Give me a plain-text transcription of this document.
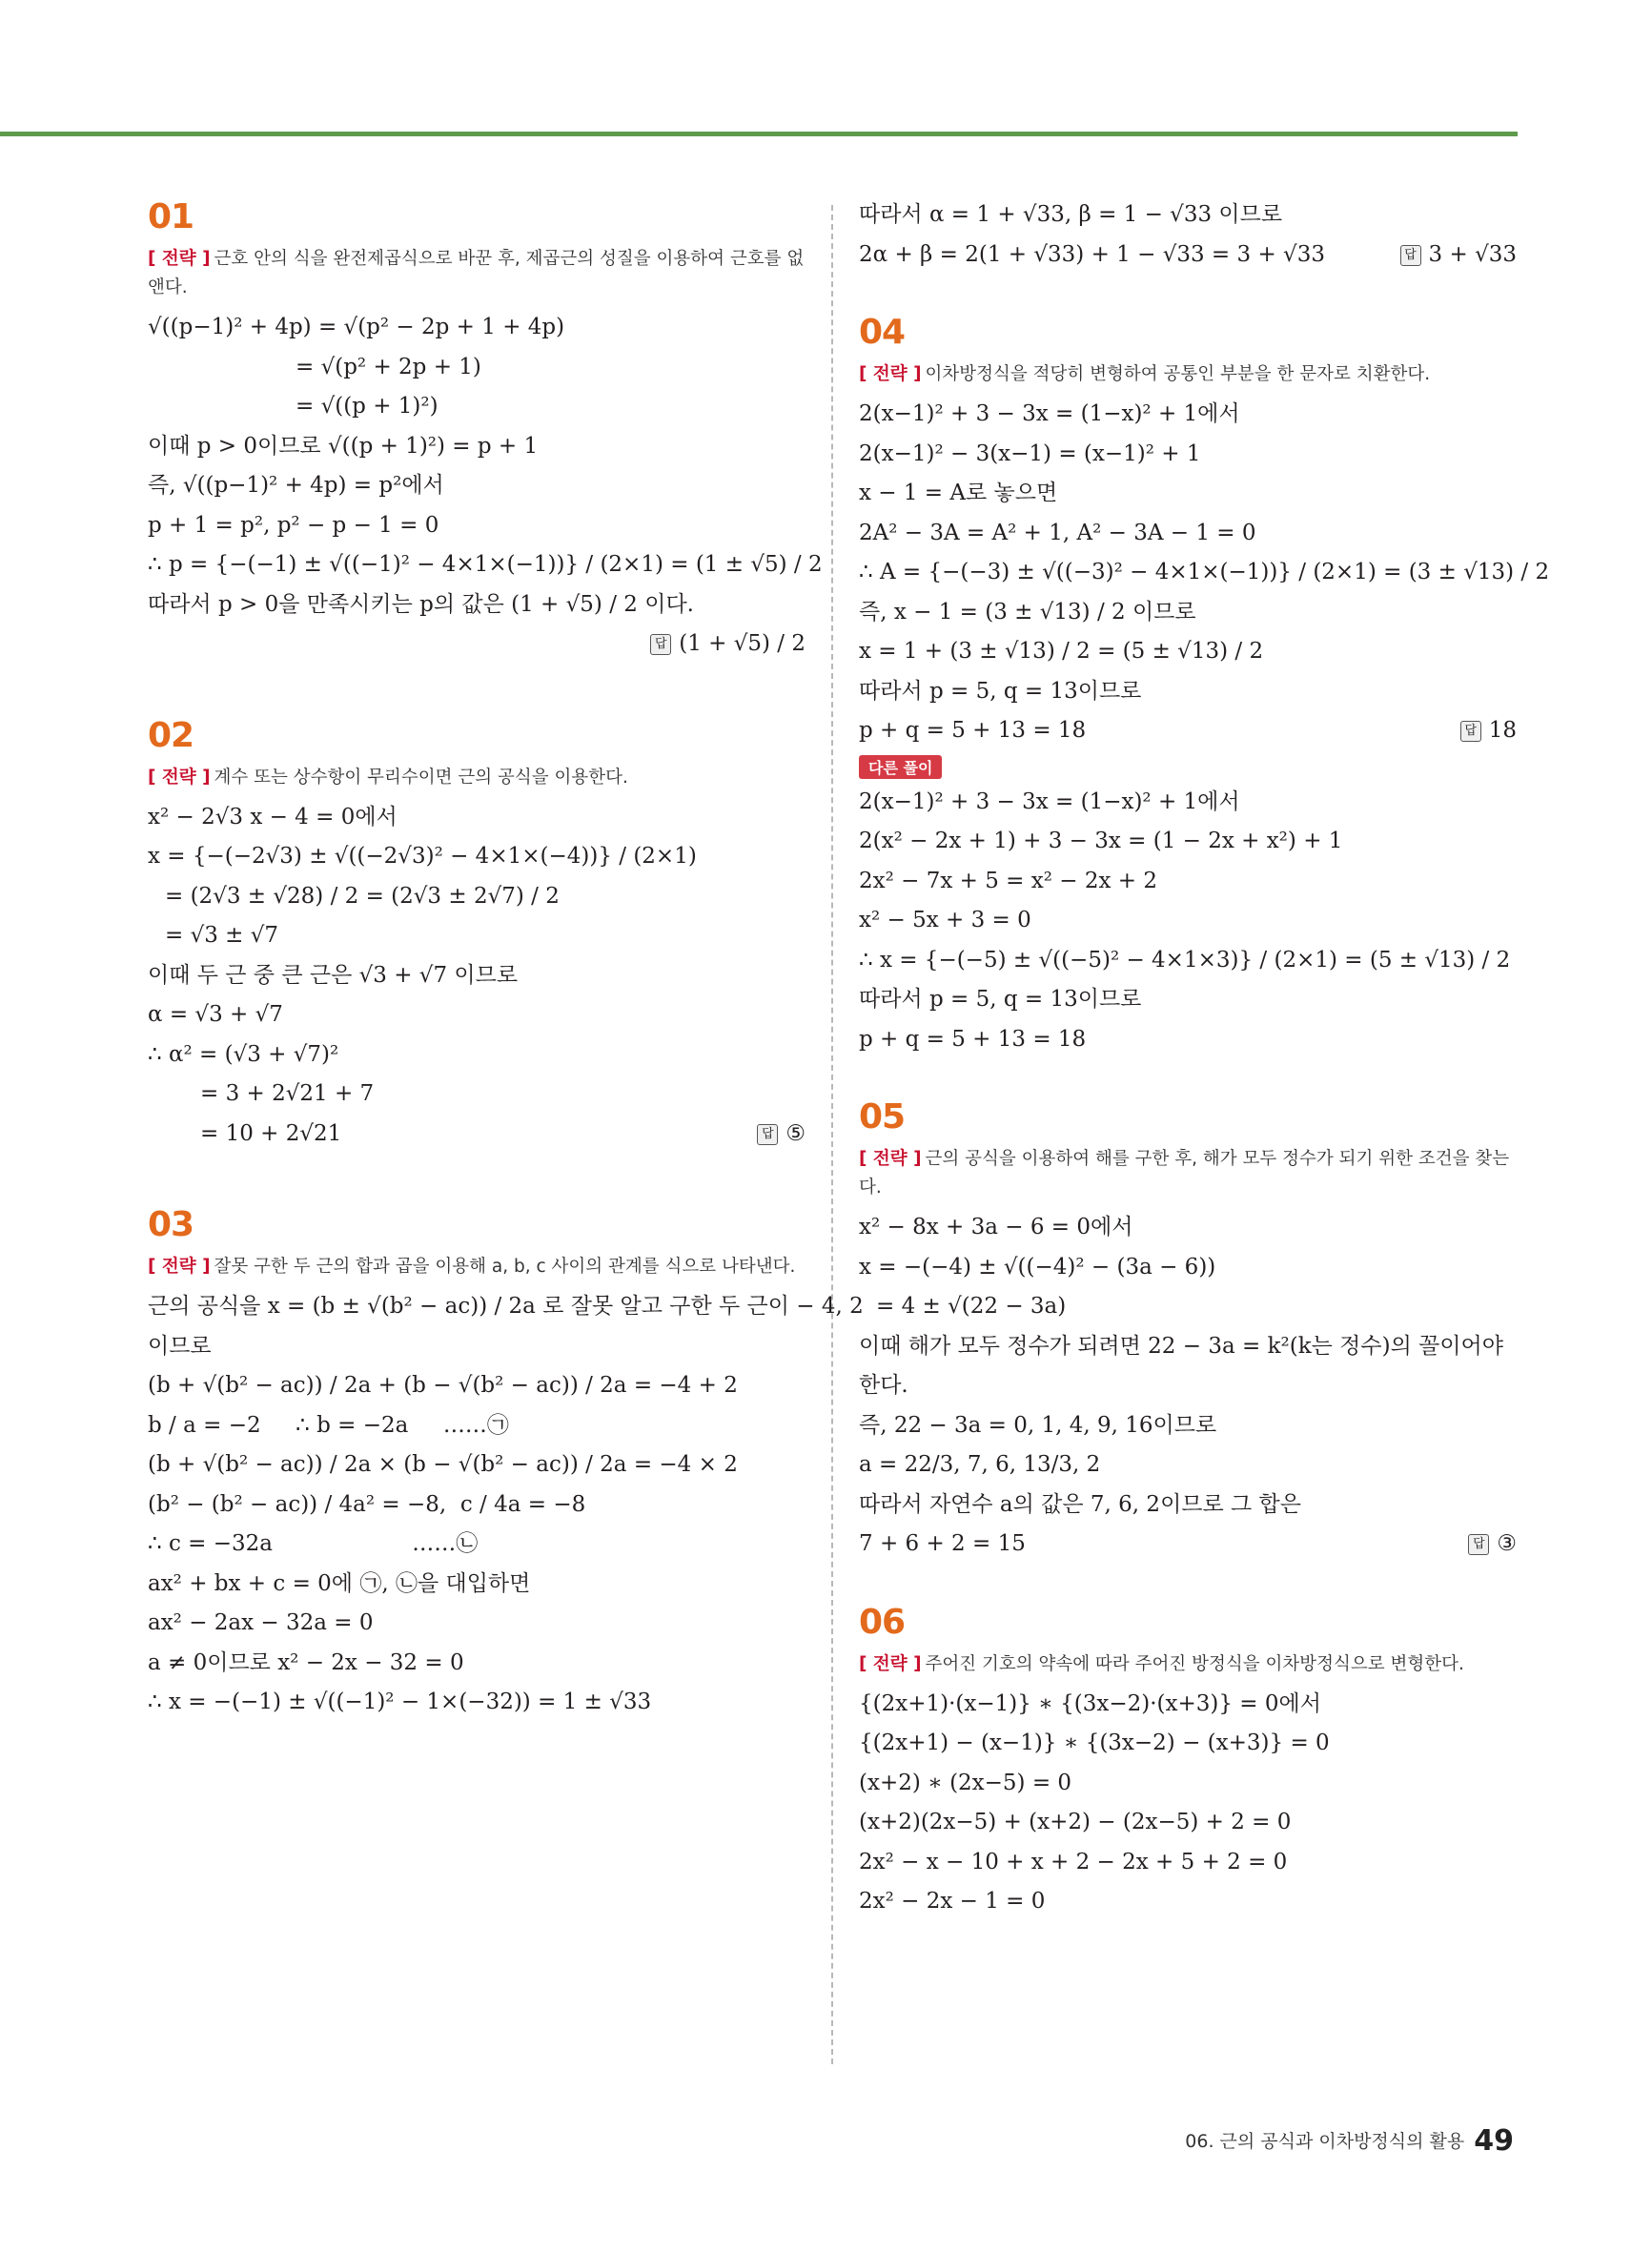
01
[ 전략 ] 근호 안의 식을 완전제곱식으로 바꾼 후, 제곱근의 성질을 이용하여 근호를 없앤다.
√((p−1)² + 4p) = √(p² − 2p + 1 + 4p)
= √(p² + 2p + 1)
= √((p + 1)²)
이때 p > 0이므로 √((p + 1)²) = p + 1
즉, √((p−1)² + 4p) = p²에서
p + 1 = p², p² − p − 1 = 0
∴ p = {−(−1) ± √((−1)² − 4×1×(−1))} / (2×1) = (1 ± √5) / 2
따라서 p > 0을 만족시키는 p의 값은 (1 + √5) / 2 이다.
답 (1 + √5) / 2
02
[ 전략 ] 계수 또는 상수항이 무리수이면 근의 공식을 이용한다.
x² − 2√3 x − 4 = 0에서
x = {−(−2√3) ± √((−2√3)² − 4×1×(−4))} / (2×1)
= (2√3 ± √28) / 2 = (2√3 ± 2√7) / 2
= √3 ± √7
이때 두 근 중 큰 근은 √3 + √7 이므로
α = √3 + √7
∴ α² = (√3 + √7)²
= 3 + 2√21 + 7
= 10 + 2√21	답 ⑤
03
[ 전략 ] 잘못 구한 두 근의 합과 곱을 이용해 a, b, c 사이의 관계를 식으로 나타낸다.
근의 공식을 x = (b ± √(b² − ac)) / 2a 로 잘못 알고 구한 두 근이 − 4, 2
이므로
(b + √(b² − ac)) / 2a + (b − √(b² − ac)) / 2a = −4 + 2
b / a = −2     ∴ b = −2a     ……㉠
(b + √(b² − ac)) / 2a × (b − √(b² − ac)) / 2a = −4 × 2
(b² − (b² − ac)) / 4a² = −8,  c / 4a = −8
∴ c = −32a                    ……㉡
ax² + bx + c = 0에 ㉠, ㉡을 대입하면
ax² − 2ax − 32a = 0
a ≠ 0이므로 x² − 2x − 32 = 0
∴ x = −(−1) ± √((−1)² − 1×(−32)) = 1 ± √33
따라서 α = 1 + √33, β = 1 − √33 이므로
2α + β = 2(1 + √33) + 1 − √33 = 3 + √33	답 3 + √33
04
[ 전략 ] 이차방정식을 적당히 변형하여 공통인 부분을 한 문자로 치환한다.
2(x−1)² + 3 − 3x = (1−x)² + 1에서
2(x−1)² − 3(x−1) = (x−1)² + 1
x − 1 = A로 놓으면
2A² − 3A = A² + 1, A² − 3A − 1 = 0
∴ A = {−(−3) ± √((−3)² − 4×1×(−1))} / (2×1) = (3 ± √13) / 2
즉, x − 1 = (3 ± √13) / 2 이므로
x = 1 + (3 ± √13) / 2 = (5 ± √13) / 2
따라서 p = 5, q = 13이므로
p + q = 5 + 13 = 18	답 18
다른 풀이
2(x−1)² + 3 − 3x = (1−x)² + 1에서
2(x² − 2x + 1) + 3 − 3x = (1 − 2x + x²) + 1
2x² − 7x + 5 = x² − 2x + 2
x² − 5x + 3 = 0
∴ x = {−(−5) ± √((−5)² − 4×1×3)} / (2×1) = (5 ± √13) / 2
따라서 p = 5, q = 13이므로
p + q = 5 + 13 = 18
05
[ 전략 ] 근의 공식을 이용하여 해를 구한 후, 해가 모두 정수가 되기 위한 조건을 찾는다.
x² − 8x + 3a − 6 = 0에서
x = −(−4) ± √((−4)² − (3a − 6))
= 4 ± √(22 − 3a)
이때 해가 모두 정수가 되려면 22 − 3a = k²(k는 정수)의 꼴이어야
한다.
즉, 22 − 3a = 0, 1, 4, 9, 16이므로
a = 22/3, 7, 6, 13/3, 2
따라서 자연수 a의 값은 7, 6, 2이므로 그 합은
7 + 6 + 2 = 15	답 ③
06
[ 전략 ] 주어진 기호의 약속에 따라 주어진 방정식을 이차방정식으로 변형한다.
{(2x+1)·(x−1)} ∗ {(3x−2)·(x+3)} = 0에서
{(2x+1) − (x−1)} ∗ {(3x−2) − (x+3)} = 0
(x+2) ∗ (2x−5) = 0
(x+2)(2x−5) + (x+2) − (2x−5) + 2 = 0
2x² − x − 10 + x + 2 − 2x + 5 + 2 = 0
2x² − 2x − 1 = 0
06. 근의 공식과 이차방정식의 활용 49
